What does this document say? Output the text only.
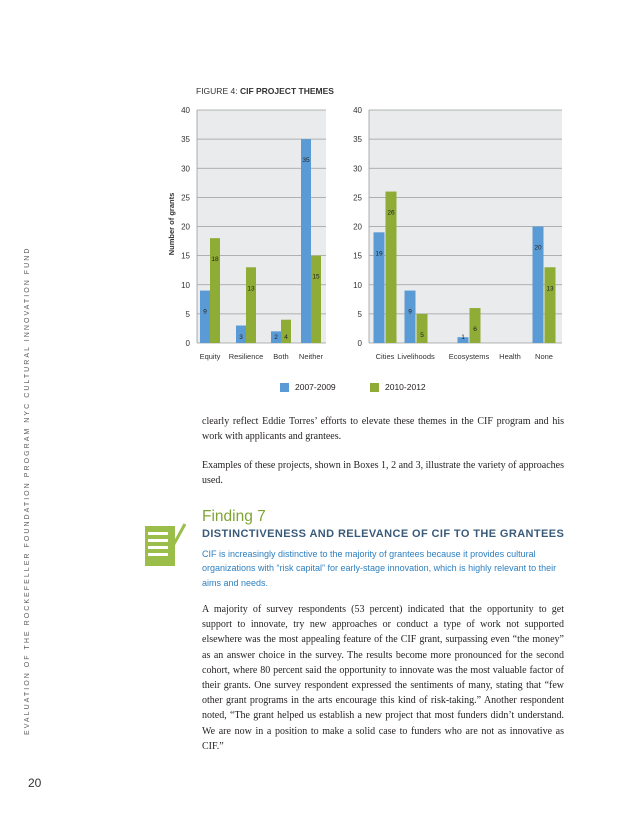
EVALUATION OF THE ROCKEFELLER FOUNDATION PROGRAM NYC CULTURAL INNOVATION FUND
FIGURE 4: CIF PROJECT THEMES
Number of grants
0
5
10
15
20
25
30
35
40
Equity
9
18
Resilience
3
13
Both
2 4
Neither
35
15
0
5
10
15
20
25
30
35
40
Cities
19
26
Livelihoods
9
5
Ecosystems
1
6
Health None
20
13
2007-2009	2010-2012

clearly reflect Eddie Torres’ efforts to elevate these themes in the CIF program and his work with applicants and grantees.

Examples of these projects, shown in Boxes 1, 2 and 3, illustrate the variety of approaches used.

Finding 7
DISTINCTIVENESS AND RELEVANCE OF CIF TO THE GRANTEES

CIF is increasingly distinctive to the majority of grantees because it provides cultural organizations with “risk capital” for early-stage innovation, which is highly relevant to their aims and needs.

A majority of survey respondents (53 percent) indicated that the opportunity to get support to innovate, try new approaches or conduct a type of work not supported elsewhere was the most appealing feature of the CIF grant, surpassing even “the money” as an answer choice in the survey. The results become more pronounced for the second cohort, where 80 percent said the opportunity to innovate was the most valuable factor of their grants. One survey respondent expressed the sentiments of many, stating that “few other grant programs in the arts encourage this kind of risk-taking.” Another respondent noted, “The grant helped us establish a new project that most funders didn’t understand. We are now in a position to make a solid case to funders who are not as innovative as CIF.”

20
